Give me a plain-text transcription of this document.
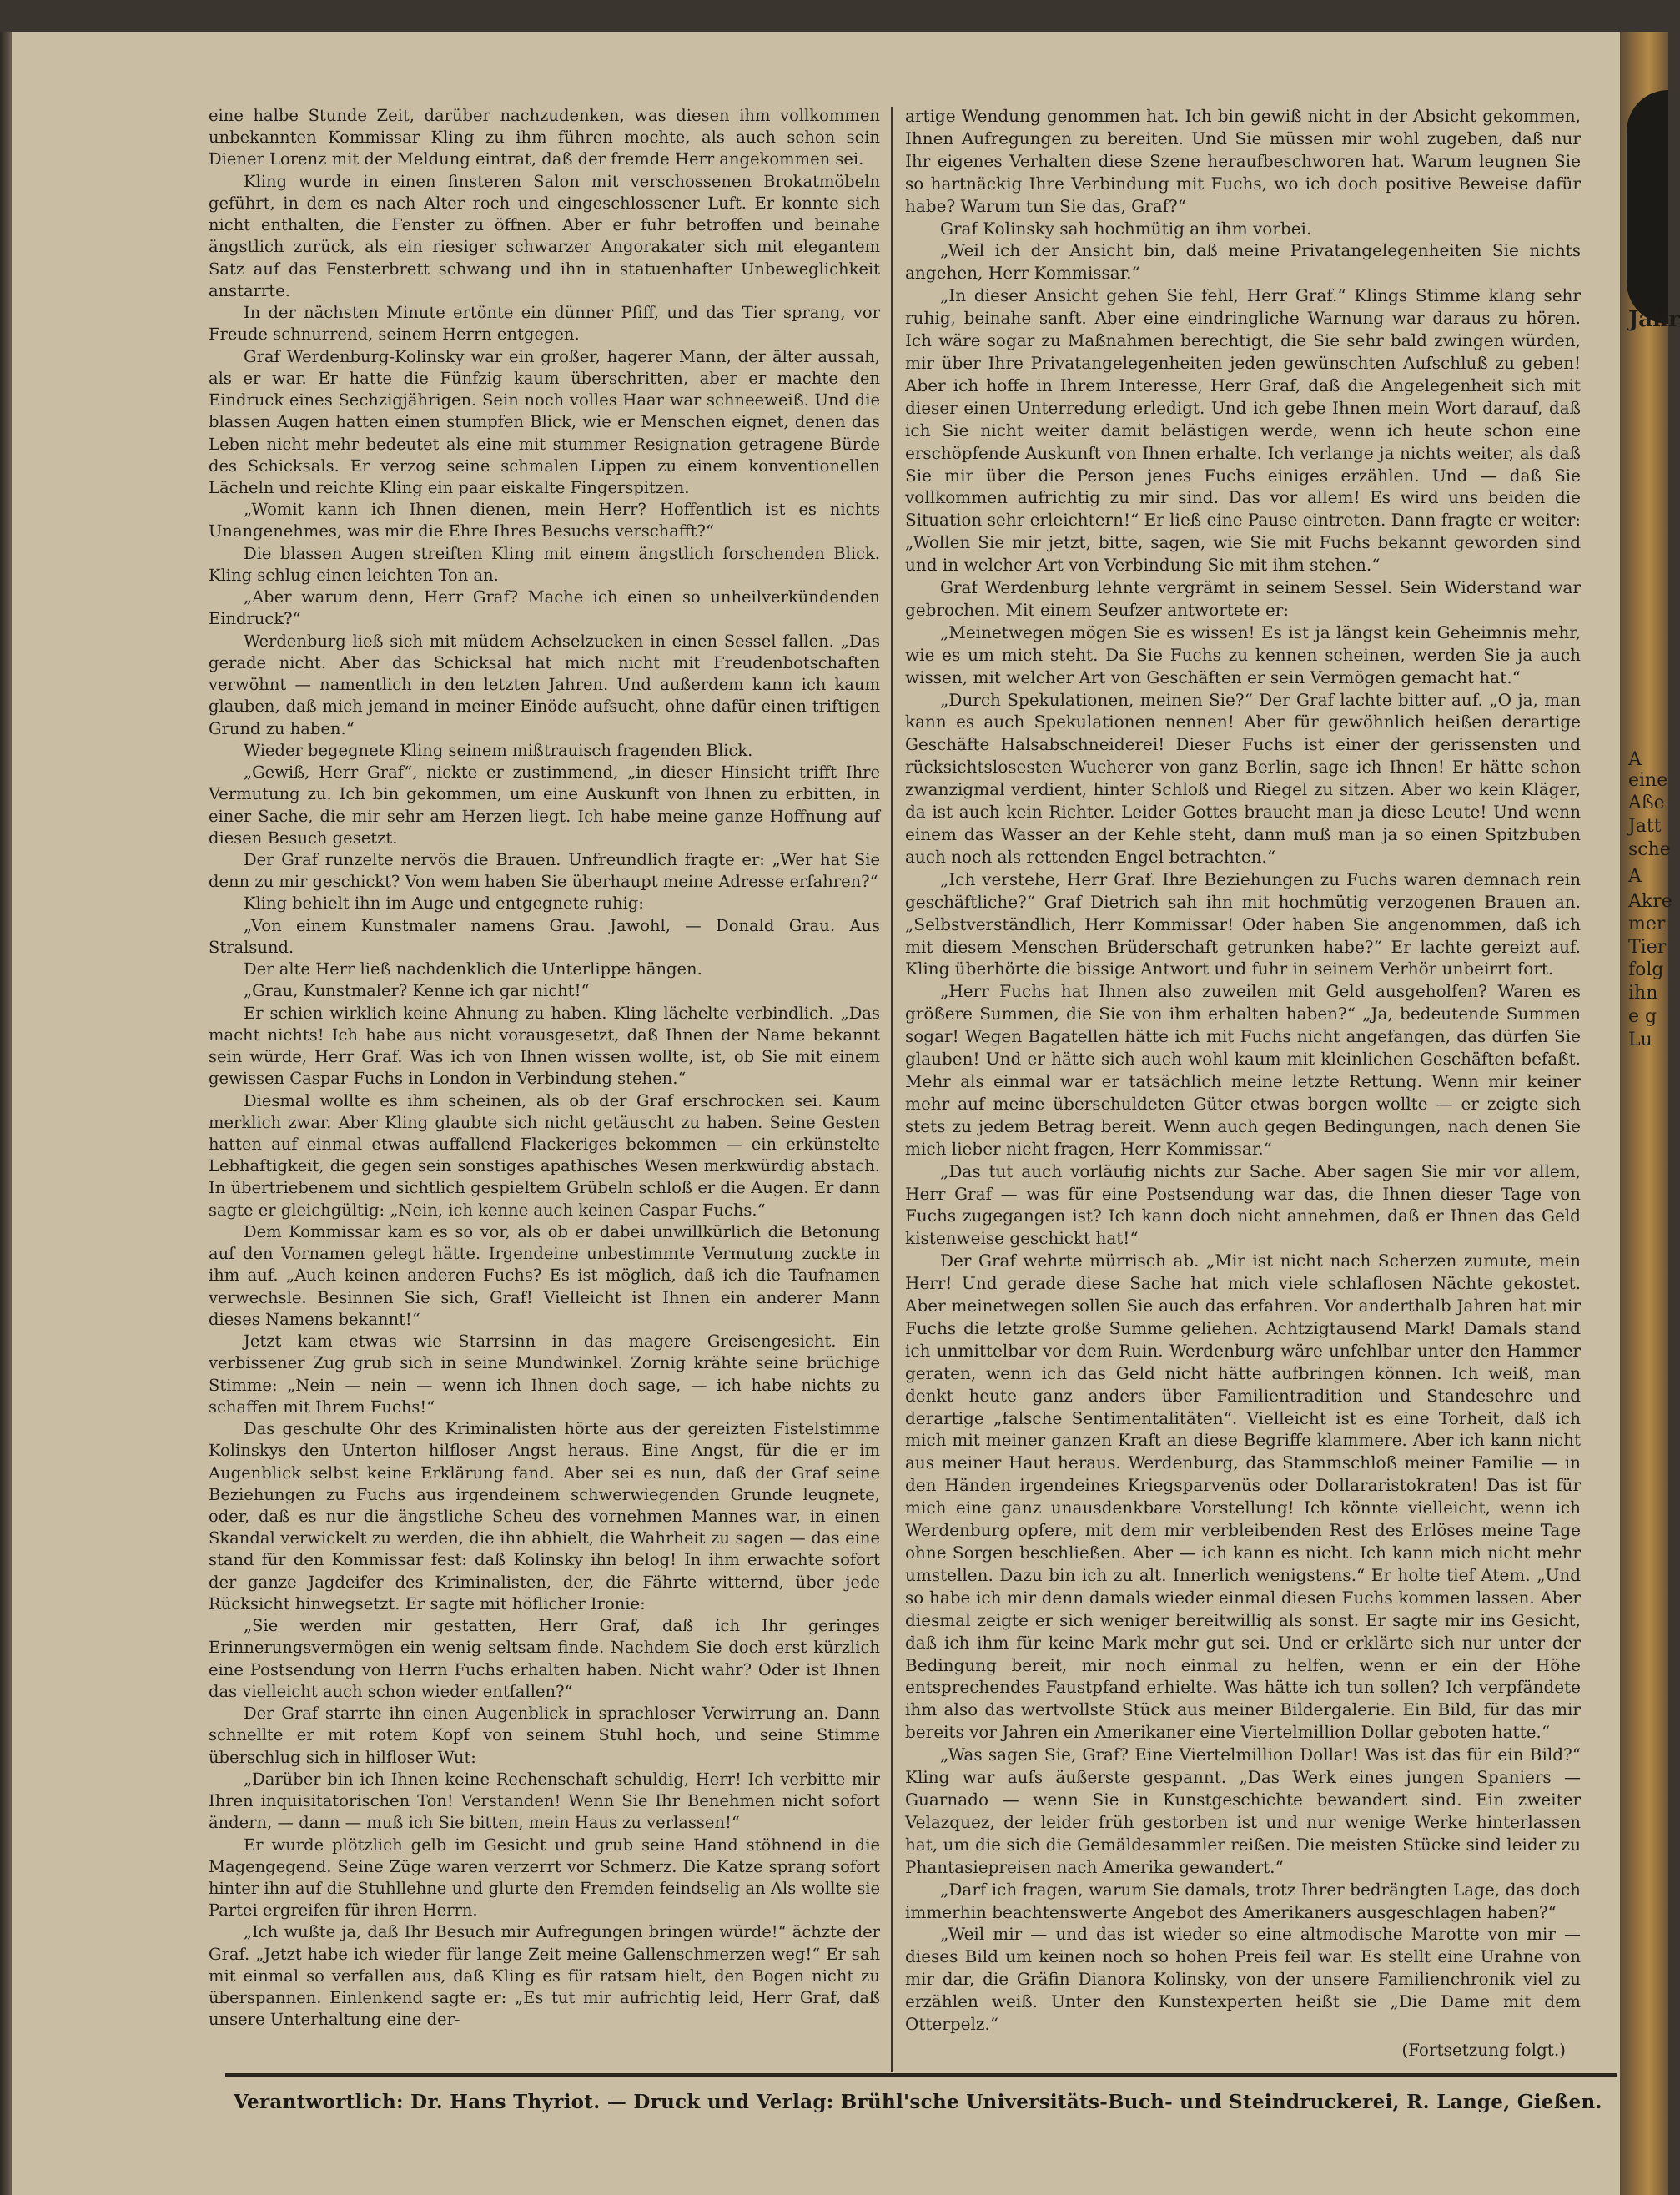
Jahr
A
eine
Aße
Jatt
sche
A
Akre
mer
Tier
folg
ihn
e g
Lu

eine halbe Stunde Zeit, darüber nachzudenken, was diesen ihm vollkommen unbekannten Kommissar Kling zu ihm führen mochte, als auch schon sein Diener Lorenz mit der Meldung eintrat, daß der fremde Herr angekommen sei.

Kling wurde in einen finsteren Salon mit verschossenen Brokatmöbeln geführt, in dem es nach Alter roch und eingeschlossener Luft. Er konnte sich nicht enthalten, die Fenster zu öffnen. Aber er fuhr betroffen und beinahe ängstlich zurück, als ein riesiger schwarzer Angorakater sich mit elegantem Satz auf das Fensterbrett schwang und ihn in statuenhafter Unbeweglichkeit anstarrte.

In der nächsten Minute ertönte ein dünner Pfiff, und das Tier sprang, vor Freude schnurrend, seinem Herrn entgegen.

Graf Werdenburg-Kolinsky war ein großer, hagerer Mann, der älter aussah, als er war. Er hatte die Fünfzig kaum überschritten, aber er machte den Eindruck eines Sechzigjährigen. Sein noch volles Haar war schneeweiß. Und die blassen Augen hatten einen stumpfen Blick, wie er Menschen eignet, denen das Leben nicht mehr bedeutet als eine mit stummer Resignation getragene Bürde des Schicksals. Er verzog seine schmalen Lippen zu einem konventionellen Lächeln und reichte Kling ein paar eiskalte Fingerspitzen.

„Womit kann ich Ihnen dienen, mein Herr? Hoffentlich ist es nichts Unangenehmes, was mir die Ehre Ihres Besuchs verschafft?“

Die blassen Augen streiften Kling mit einem ängstlich forschenden Blick. Kling schlug einen leichten Ton an.

„Aber warum denn, Herr Graf? Mache ich einen so unheilverkündenden Eindruck?“

Werdenburg ließ sich mit müdem Achselzucken in einen Sessel fallen. „Das gerade nicht. Aber das Schicksal hat mich nicht mit Freudenbotschaften verwöhnt — namentlich in den letzten Jahren. Und außerdem kann ich kaum glauben, daß mich jemand in meiner Einöde aufsucht, ohne dafür einen triftigen Grund zu haben.“

Wieder begegnete Kling seinem mißtrauisch fragenden Blick.

„Gewiß, Herr Graf“, nickte er zustimmend, „in dieser Hinsicht trifft Ihre Vermutung zu. Ich bin gekommen, um eine Auskunft von Ihnen zu erbitten, in einer Sache, die mir sehr am Herzen liegt. Ich habe meine ganze Hoffnung auf diesen Besuch gesetzt.

Der Graf runzelte nervös die Brauen. Unfreundlich fragte er: „Wer hat Sie denn zu mir geschickt? Von wem haben Sie überhaupt meine Adresse erfahren?“

Kling behielt ihn im Auge und entgegnete ruhig:

„Von einem Kunstmaler namens Grau. Jawohl, — Donald Grau. Aus Stralsund.

Der alte Herr ließ nachdenklich die Unterlippe hängen.

„Grau, Kunstmaler? Kenne ich gar nicht!“

Er schien wirklich keine Ahnung zu haben. Kling lächelte verbindlich. „Das macht nichts! Ich habe aus nicht vorausgesetzt, daß Ihnen der Name bekannt sein würde, Herr Graf. Was ich von Ihnen wissen wollte, ist, ob Sie mit einem gewissen Caspar Fuchs in London in Verbindung stehen.“

Diesmal wollte es ihm scheinen, als ob der Graf erschrocken sei. Kaum merklich zwar. Aber Kling glaubte sich nicht getäuscht zu haben. Seine Gesten hatten auf einmal etwas auffallend Flackeriges bekommen — ein erkünstelte Lebhaftigkeit, die gegen sein sonstiges apathisches Wesen merkwürdig abstach. In übertriebenem und sichtlich gespieltem Grübeln schloß er die Augen. Er dann sagte er gleichgültig: „Nein, ich kenne auch keinen Caspar Fuchs.“

Dem Kommissar kam es so vor, als ob er dabei unwillkürlich die Betonung auf den Vornamen gelegt hätte. Irgendeine unbestimmte Vermutung zuckte in ihm auf. „Auch keinen anderen Fuchs? Es ist möglich, daß ich die Taufnamen verwechsle. Besinnen Sie sich, Graf! Vielleicht ist Ihnen ein anderer Mann dieses Namens bekannt!“

Jetzt kam etwas wie Starrsinn in das magere Greisengesicht. Ein verbissener Zug grub sich in seine Mundwinkel. Zornig krähte seine brüchige Stimme: „Nein — nein — wenn ich Ihnen doch sage, — ich habe nichts zu schaffen mit Ihrem Fuchs!“

Das geschulte Ohr des Kriminalisten hörte aus der gereizten Fistelstimme Kolinskys den Unterton hilfloser Angst heraus. Eine Angst, für die er im Augenblick selbst keine Erklärung fand. Aber sei es nun, daß der Graf seine Beziehungen zu Fuchs aus irgendeinem schwerwiegenden Grunde leugnete, oder, daß es nur die ängstliche Scheu des vornehmen Mannes war, in einen Skandal verwickelt zu werden, die ihn abhielt, die Wahrheit zu sagen — das eine stand für den Kommissar fest: daß Kolinsky ihn belog! In ihm erwachte sofort der ganze Jagdeifer des Kriminalisten, der, die Fährte witternd, über jede Rücksicht hinwegsetzt. Er sagte mit höflicher Ironie:

„Sie werden mir gestatten, Herr Graf, daß ich Ihr geringes Erinnerungsvermögen ein wenig seltsam finde. Nachdem Sie doch erst kürzlich eine Postsendung von Herrn Fuchs erhalten haben. Nicht wahr? Oder ist Ihnen das vielleicht auch schon wieder entfallen?“

Der Graf starrte ihn einen Augenblick in sprachloser Verwirrung an. Dann schnellte er mit rotem Kopf von seinem Stuhl hoch, und seine Stimme überschlug sich in hilfloser Wut:

„Darüber bin ich Ihnen keine Rechenschaft schuldig, Herr! Ich verbitte mir Ihren inquisitatorischen Ton! Verstanden! Wenn Sie Ihr Benehmen nicht sofort ändern, — dann — muß ich Sie bitten, mein Haus zu verlassen!“

Er wurde plötzlich gelb im Gesicht und grub seine Hand stöhnend in die Magengegend. Seine Züge waren verzerrt vor Schmerz. Die Katze sprang sofort hinter ihn auf die Stuhllehne und glurte den Fremden feindselig an Als wollte sie Partei ergreifen für ihren Herrn.

„Ich wußte ja, daß Ihr Besuch mir Aufregungen bringen würde!“ ächzte der Graf. „Jetzt habe ich wieder für lange Zeit meine Gallenschmerzen weg!“ Er sah mit einmal so verfallen aus, daß Kling es für ratsam hielt, den Bogen nicht zu überspannen. Einlenkend sagte er: „Es tut mir aufrichtig leid, Herr Graf, daß unsere Unterhaltung eine der-

artige Wendung genommen hat. Ich bin gewiß nicht in der Absicht gekommen, Ihnen Aufregungen zu bereiten. Und Sie müssen mir wohl zugeben, daß nur Ihr eigenes Verhalten diese Szene heraufbeschworen hat. Warum leugnen Sie so hartnäckig Ihre Verbindung mit Fuchs, wo ich doch positive Beweise dafür habe? Warum tun Sie das, Graf?“

Graf Kolinsky sah hochmütig an ihm vorbei.

„Weil ich der Ansicht bin, daß meine Privatangelegenheiten Sie nichts angehen, Herr Kommissar.“

„In dieser Ansicht gehen Sie fehl, Herr Graf.“ Klings Stimme klang sehr ruhig, beinahe sanft. Aber eine eindringliche Warnung war daraus zu hören. Ich wäre sogar zu Maßnahmen berechtigt, die Sie sehr bald zwingen würden, mir über Ihre Privatangelegenheiten jeden gewünschten Aufschluß zu geben! Aber ich hoffe in Ihrem Interesse, Herr Graf, daß die Angelegenheit sich mit dieser einen Unterredung erledigt. Und ich gebe Ihnen mein Wort darauf, daß ich Sie nicht weiter damit belästigen werde, wenn ich heute schon eine erschöpfende Auskunft von Ihnen erhalte. Ich verlange ja nichts weiter, als daß Sie mir über die Person jenes Fuchs einiges erzählen. Und — daß Sie vollkommen aufrichtig zu mir sind. Das vor allem! Es wird uns beiden die Situation sehr erleichtern!“ Er ließ eine Pause eintreten. Dann fragte er weiter: „Wollen Sie mir jetzt, bitte, sagen, wie Sie mit Fuchs bekannt geworden sind und in welcher Art von Verbindung Sie mit ihm stehen.“

Graf Werdenburg lehnte vergrämt in seinem Sessel. Sein Widerstand war gebrochen. Mit einem Seufzer antwortete er:

„Meinetwegen mögen Sie es wissen! Es ist ja längst kein Geheimnis mehr, wie es um mich steht. Da Sie Fuchs zu kennen scheinen, werden Sie ja auch wissen, mit welcher Art von Geschäften er sein Vermögen gemacht hat.“

„Durch Spekulationen, meinen Sie?“ Der Graf lachte bitter auf. „O ja, man kann es auch Spekulationen nennen! Aber für gewöhnlich heißen derartige Geschäfte Halsabschneiderei! Dieser Fuchs ist einer der gerissensten und rücksichtslosesten Wucherer von ganz Berlin, sage ich Ihnen! Er hätte schon zwanzigmal verdient, hinter Schloß und Riegel zu sitzen. Aber wo kein Kläger, da ist auch kein Richter. Leider Gottes braucht man ja diese Leute! Und wenn einem das Wasser an der Kehle steht, dann muß man ja so einen Spitzbuben auch noch als rettenden Engel betrachten.“

„Ich verstehe, Herr Graf. Ihre Beziehungen zu Fuchs waren demnach rein geschäftliche?“ Graf Dietrich sah ihn mit hochmütig verzogenen Brauen an. „Selbstverständlich, Herr Kommissar! Oder haben Sie angenommen, daß ich mit diesem Menschen Brüderschaft getrunken habe?“ Er lachte gereizt auf. Kling überhörte die bissige Antwort und fuhr in seinem Verhör unbeirrt fort.

„Herr Fuchs hat Ihnen also zuweilen mit Geld ausgeholfen? Waren es größere Summen, die Sie von ihm erhalten haben?“ „Ja, bedeutende Summen sogar! Wegen Bagatellen hätte ich mit Fuchs nicht angefangen, das dürfen Sie glauben! Und er hätte sich auch wohl kaum mit kleinlichen Geschäften befaßt. Mehr als einmal war er tatsächlich meine letzte Rettung. Wenn mir keiner mehr auf meine überschuldeten Güter etwas borgen wollte — er zeigte sich stets zu jedem Betrag bereit. Wenn auch gegen Bedingungen, nach denen Sie mich lieber nicht fragen, Herr Kommissar.“

„Das tut auch vorläufig nichts zur Sache. Aber sagen Sie mir vor allem, Herr Graf — was für eine Postsendung war das, die Ihnen dieser Tage von Fuchs zugegangen ist? Ich kann doch nicht annehmen, daß er Ihnen das Geld kistenweise geschickt hat!“

Der Graf wehrte mürrisch ab. „Mir ist nicht nach Scherzen zumute, mein Herr! Und gerade diese Sache hat mich viele schlaflosen Nächte gekostet. Aber meinetwegen sollen Sie auch das erfahren. Vor anderthalb Jahren hat mir Fuchs die letzte große Summe geliehen. Achtzigtausend Mark! Damals stand ich unmittelbar vor dem Ruin. Werdenburg wäre unfehlbar unter den Hammer geraten, wenn ich das Geld nicht hätte aufbringen können. Ich weiß, man denkt heute ganz anders über Familientradition und Standesehre und derartige „falsche Sentimentalitäten“. Vielleicht ist es eine Torheit, daß ich mich mit meiner ganzen Kraft an diese Begriffe klammere. Aber ich kann nicht aus meiner Haut heraus. Werdenburg, das Stammschloß meiner Familie — in den Händen irgendeines Kriegsparvenüs oder Dollararistokraten! Das ist für mich eine ganz unausdenkbare Vorstellung! Ich könnte vielleicht, wenn ich Werdenburg opfere, mit dem mir verbleibenden Rest des Erlöses meine Tage ohne Sorgen beschließen. Aber — ich kann es nicht. Ich kann mich nicht mehr umstellen. Dazu bin ich zu alt. Innerlich wenigstens.“ Er holte tief Atem. „Und so habe ich mir denn damals wieder einmal diesen Fuchs kommen lassen. Aber diesmal zeigte er sich weniger bereitwillig als sonst. Er sagte mir ins Gesicht, daß ich ihm für keine Mark mehr gut sei. Und er erklärte sich nur unter der Bedingung bereit, mir noch einmal zu helfen, wenn er ein der Höhe entsprechendes Faustpfand erhielte. Was hätte ich tun sollen? Ich verpfändete ihm also das wertvollste Stück aus meiner Bildergalerie. Ein Bild, für das mir bereits vor Jahren ein Amerikaner eine Viertelmillion Dollar geboten hatte.“

„Was sagen Sie, Graf? Eine Viertelmillion Dollar! Was ist das für ein Bild?“ Kling war aufs äußerste gespannt. „Das Werk eines jungen Spaniers — Guarnado — wenn Sie in Kunstgeschichte bewandert sind. Ein zweiter Velazquez, der leider früh gestorben ist und nur wenige Werke hinterlassen hat, um die sich die Gemäldesammler reißen. Die meisten Stücke sind leider zu Phantasiepreisen nach Amerika gewandert.“

„Darf ich fragen, warum Sie damals, trotz Ihrer bedrängten Lage, das doch immerhin beachtenswerte Angebot des Amerikaners ausgeschlagen haben?“

„Weil mir — und das ist wieder so eine altmodische Marotte von mir — dieses Bild um keinen noch so hohen Preis feil war. Es stellt eine Urahne von mir dar, die Gräfin Dianora Kolinsky, von der unsere Familienchronik viel zu erzählen weiß. Unter den Kunstexperten heißt sie „Die Dame mit dem Otterpelz.“

(Fortsetzung folgt.)

Verantwortlich: Dr. Hans Thyriot. — Druck und Verlag: Brühl'sche Universitäts-Buch- und Steindruckerei, R. Lange, Gießen.
